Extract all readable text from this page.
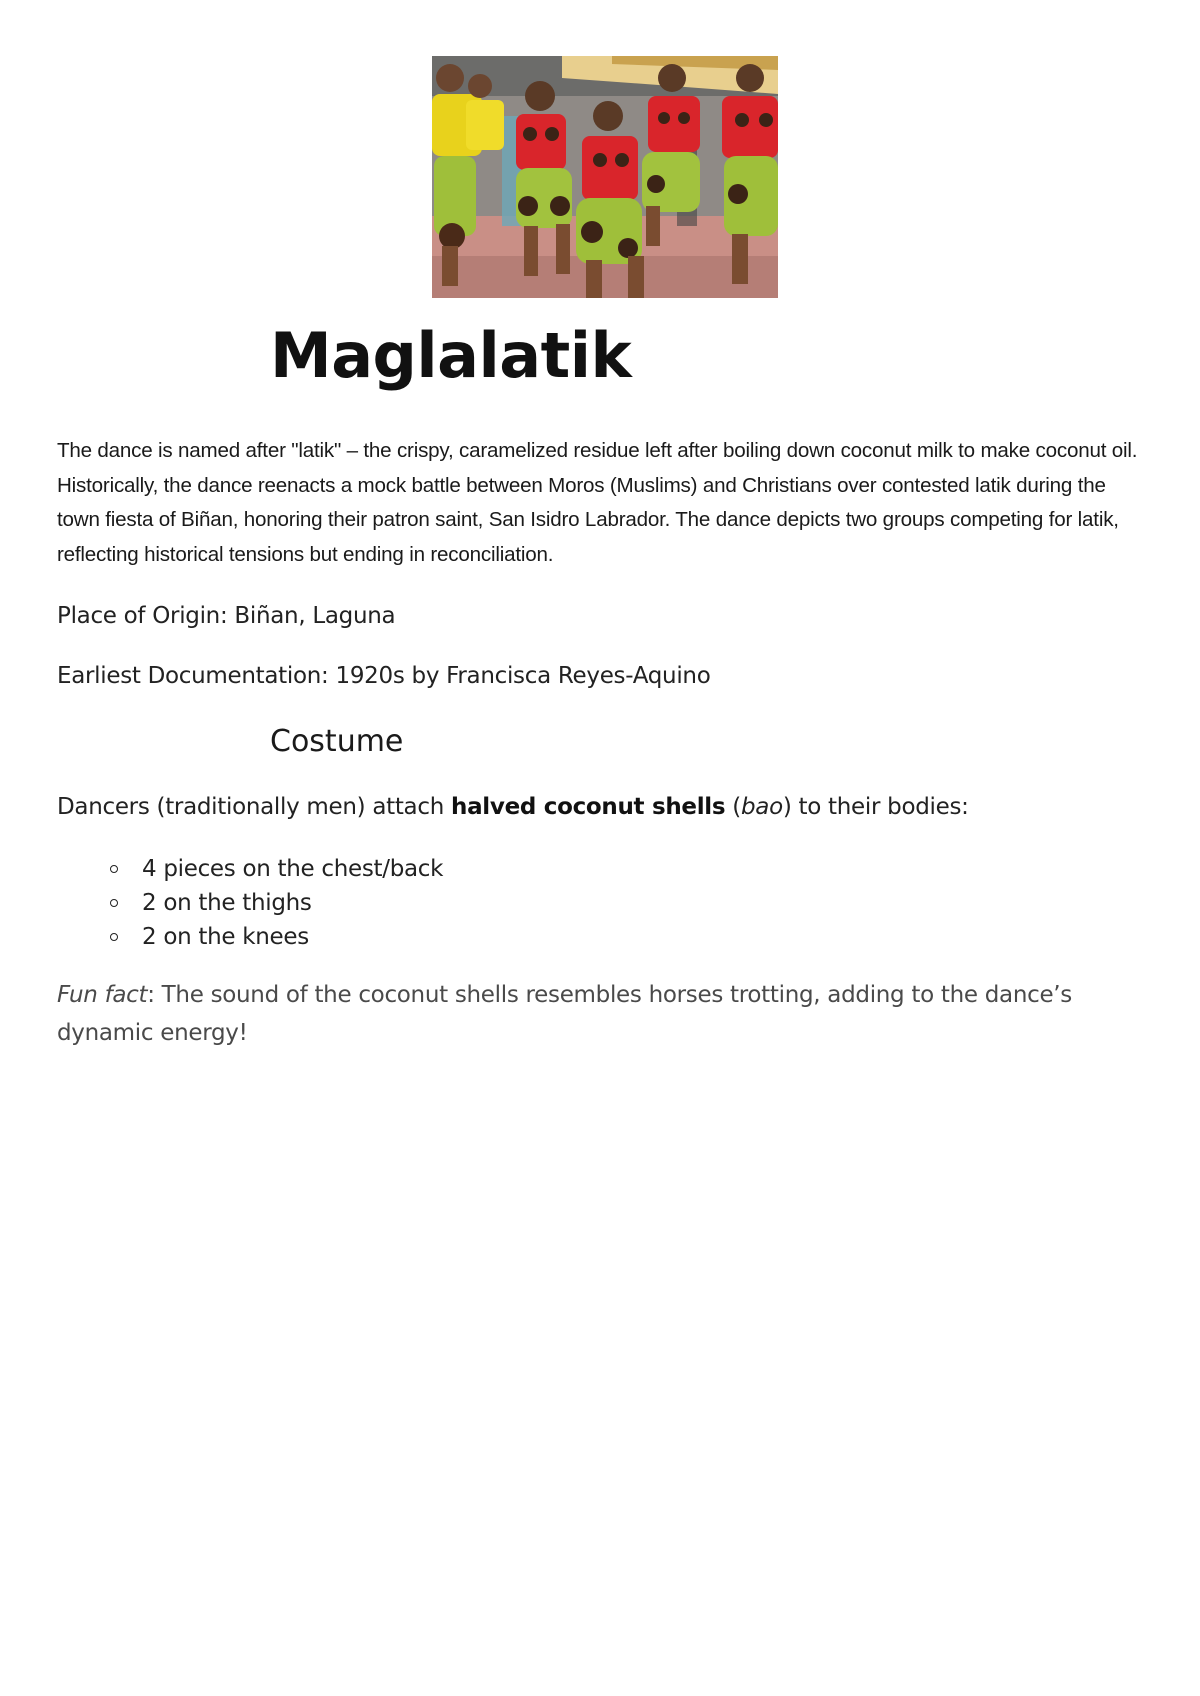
Maglalatik

The dance is named after "latik" – the crispy, caramelized residue left after boiling down coconut milk to make coconut oil. Historically, the dance reenacts a mock battle between Moros (Muslims) and Christians over contested latik during the town fiesta of Biñan, honoring their patron saint, San Isidro Labrador. The dance depicts two groups competing for latik, reflecting historical tensions but ending in reconciliation.

Place of Origin: Biñan, Laguna

Earliest Documentation: 1920s by Francisca Reyes-Aquino

Costume

Dancers (traditionally men) attach halved coconut shells (bao) to their bodies:

4 pieces on the chest/back
2 on the thighs
2 on the knees

Fun fact: The sound of the coconut shells resembles horses trotting, adding to the dance’s dynamic energy!
